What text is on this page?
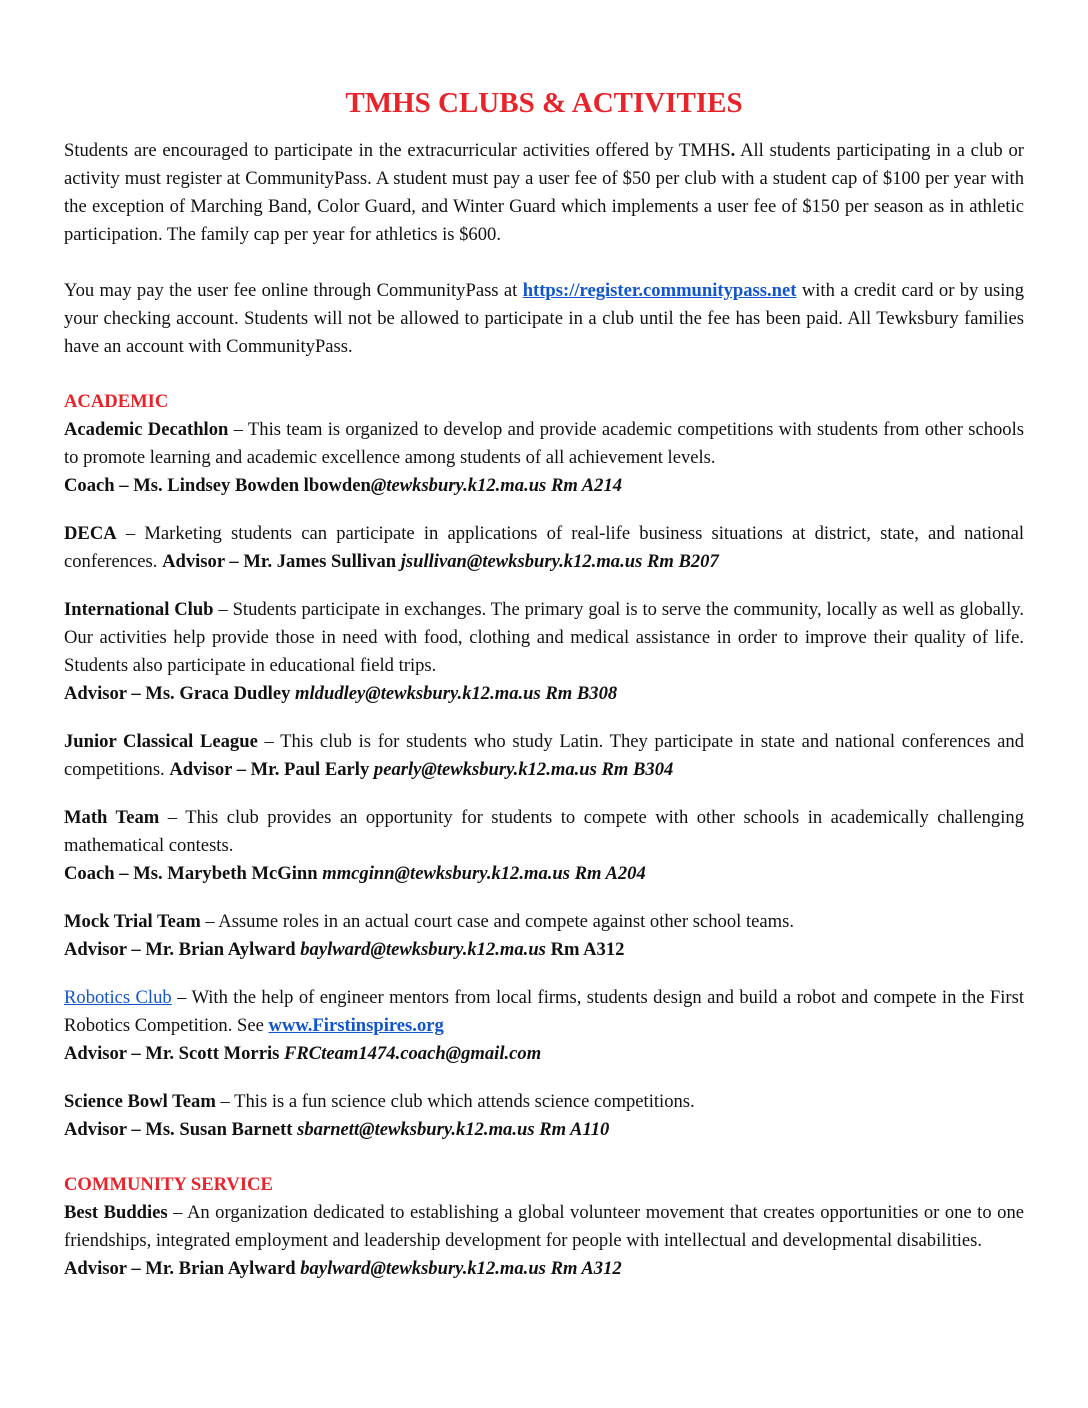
TMHS CLUBS & ACTIVITIES

Students are encouraged to participate in the extracurricular activities offered by TMHS. All students participating in a club or activity must register at CommunityPass. A student must pay a user fee of $50 per club with a student cap of $100 per year with the exception of Marching Band, Color Guard, and Winter Guard which implements a user fee of $150 per season as in athletic participation. The family cap per year for athletics is $600.

You may pay the user fee online through CommunityPass at https://register.communitypass.net with a credit card or by using your checking account. Students will not be allowed to participate in a club until the fee has been paid. All Tewksbury families have an account with CommunityPass.

ACADEMIC

Academic Decathlon – This team is organized to develop and provide academic competitions with students from other schools to promote learning and academic excellence among students of all achievement levels.

Coach – Ms. Lindsey Bowden lbowden@tewksbury.k12.ma.us Rm A214

DECA – Marketing students can participate in applications of real-life business situations at district, state, and national conferences. Advisor – Mr. James Sullivan jsullivan@tewksbury.k12.ma.us Rm B207

International Club – Students participate in exchanges. The primary goal is to serve the community, locally as well as globally. Our activities help provide those in need with food, clothing and medical assistance in order to improve their quality of life. Students also participate in educational field trips.

Advisor – Ms. Graca Dudley mldudley@tewksbury.k12.ma.us Rm B308

Junior Classical League – This club is for students who study Latin. They participate in state and national conferences and competitions. Advisor – Mr. Paul Early pearly@tewksbury.k12.ma.us Rm B304

Math Team – This club provides an opportunity for students to compete with other schools in academically challenging mathematical contests.

Coach – Ms. Marybeth McGinn mmcginn@tewksbury.k12.ma.us Rm A204

Mock Trial Team – Assume roles in an actual court case and compete against other school teams.

Advisor – Mr. Brian Aylward baylward@tewksbury.k12.ma.us Rm A312

Robotics Club – With the help of engineer mentors from local firms, students design and build a robot and compete in the First Robotics Competition. See www.Firstinspires.org

Advisor – Mr. Scott Morris FRCteam1474.coach@gmail.com

Science Bowl Team – This is a fun science club which attends science competitions.

Advisor – Ms. Susan Barnett sbarnett@tewksbury.k12.ma.us Rm A110

COMMUNITY SERVICE

Best Buddies – An organization dedicated to establishing a global volunteer movement that creates opportunities or one to one friendships, integrated employment and leadership development for people with intellectual and developmental disabilities.

Advisor – Mr. Brian Aylward baylward@tewksbury.k12.ma.us Rm A312
